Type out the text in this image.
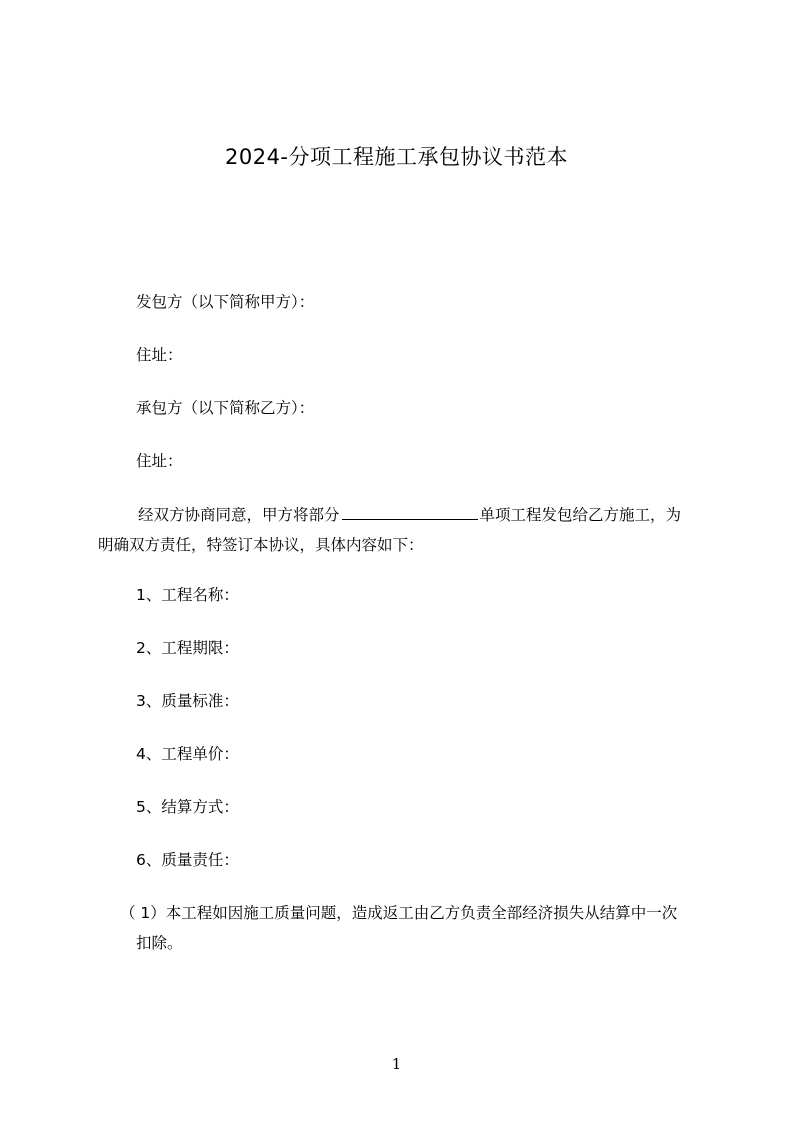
2024-分项工程施工承包协议书范本
发包方（以下简称甲方）：
住址：
承包方（以下简称乙方）：
住址：
经双方协商同意，甲方将部分	单项工程发包给乙方施工，为
明确双方责任，特签订本协议，具体内容如下：
1、工程名称：
2、工程期限：
3、质量标准：
4、工程单价：
5、结算方式：
6、质量责任：
（ 1）本工程如因施工质量问题，造成返工由乙方负责全部经济损失从结算中一次
扣除。
1
